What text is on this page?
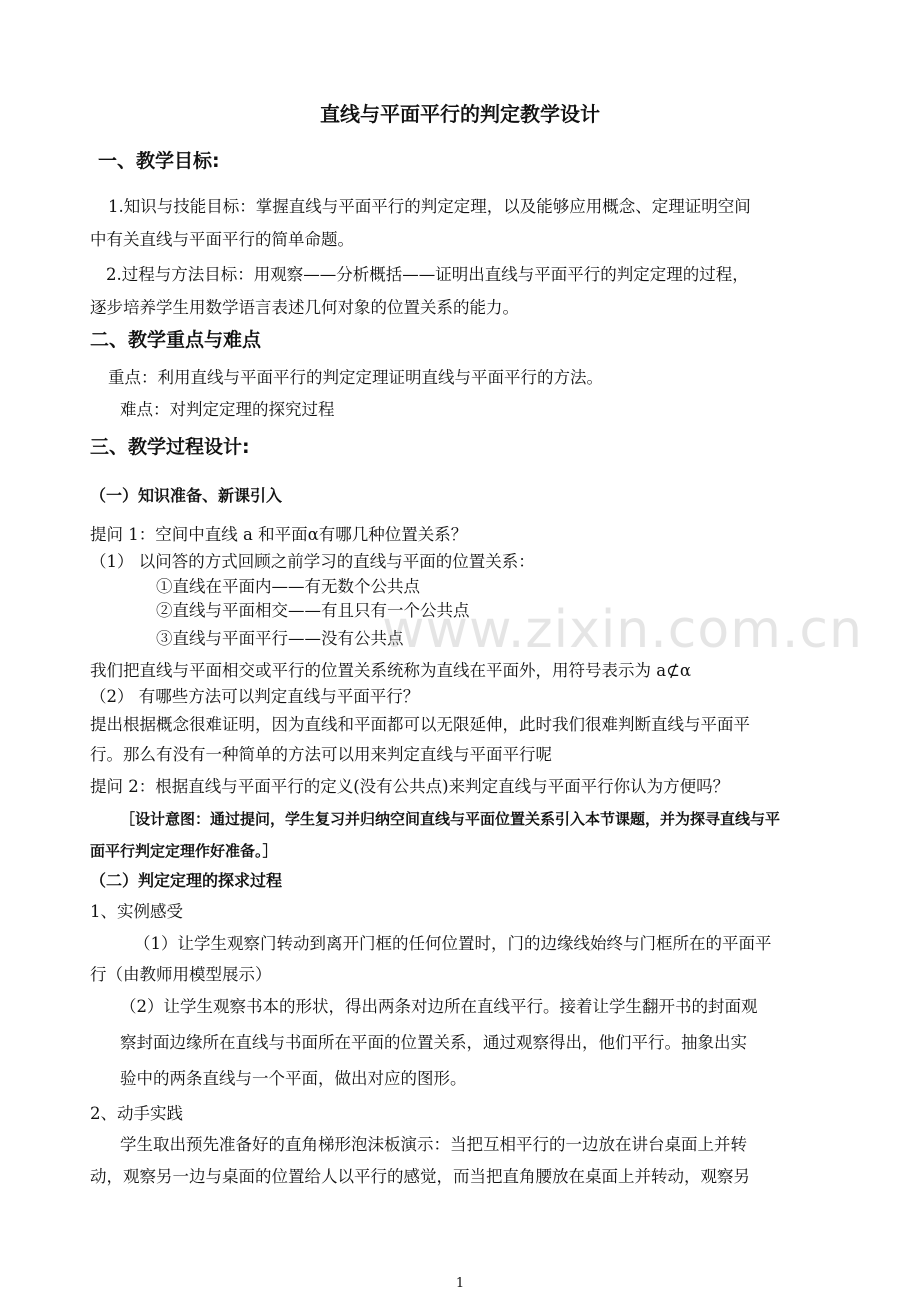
直线与平面平行的判定教学设计
一、教学目标:
1.知识与技能目标：掌握直线与平面平行的判定定理，以及能够应用概念、定理证明空间
中有关直线与平面平行的简单命题。
2.过程与方法目标：用观察——分析概括——证明出直线与平面平行的判定定理的过程，
逐步培养学生用数学语言表述几何对象的位置关系的能力。
二、教学重点与难点
重点：利用直线与平面平行的判定定理证明直线与平面平行的方法。
难点：对判定定理的探究过程
三、教学过程设计:
（一）知识准备、新课引入
提问 1：空间中直线 a 和平面α有哪几种位置关系？
（1） 以问答的方式回顾之前学习的直线与平面的位置关系：
①直线在平面内——有无数个公共点
②直线与平面相交——有且只有一个公共点
③直线与平面平行——没有公共点
我们把直线与平面相交或平行的位置关系统称为直线在平面外，用符号表示为 a⊄α
（2） 有哪些方法可以判定直线与平面平行？
提出根据概念很难证明，因为直线和平面都可以无限延伸，此时我们很难判断直线与平面平
行。那么有没有一种简单的方法可以用来判定直线与平面平行呢
提问 2：根据直线与平面平行的定义(没有公共点)来判定直线与平面平行你认为方便吗？
［设计意图：通过提问，学生复习并归纳空间直线与平面位置关系引入本节课题，并为探寻直线与平
面平行判定定理作好准备。］
（二）判定定理的探求过程
1、实例感受
（1）让学生观察门转动到离开门框的任何位置时，门的边缘线始终与门框所在的平面平
行（由教师用模型展示）
（2）让学生观察书本的形状，得出两条对边所在直线平行。接着让学生翻开书的封面观
察封面边缘所在直线与书面所在平面的位置关系，通过观察得出，他们平行。抽象出实
验中的两条直线与一个平面，做出对应的图形。
2、动手实践
学生取出预先准备好的直角梯形泡沫板演示：当把互相平行的一边放在讲台桌面上并转
动，观察另一边与桌面的位置给人以平行的感觉，而当把直角腰放在桌面上并转动，观察另
www.zixin.com.cn
1
